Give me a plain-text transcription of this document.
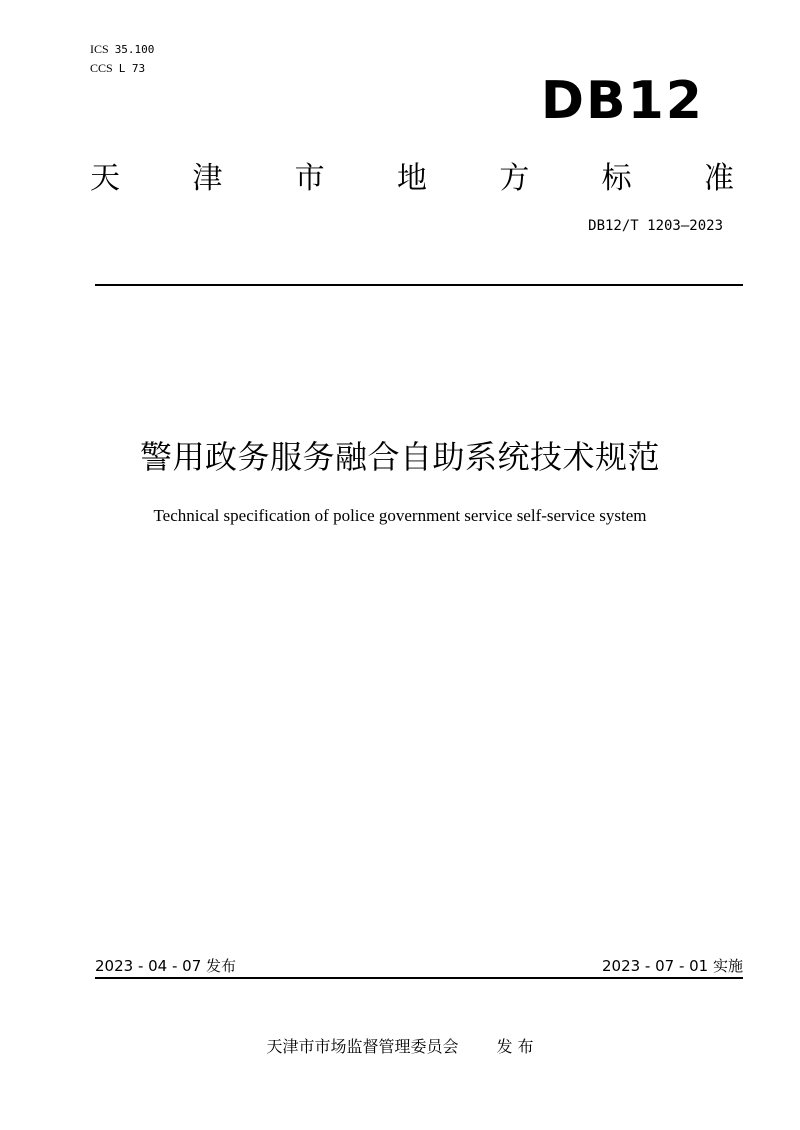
ICS 35.100
CCS L 73
DB12
天 津 市 地 方 标 准
DB12/T 1203—2023
警用政务服务融合自助系统技术规范
Technical specification of police government service self-service system
2023 - 04 - 07 发布	2023 - 07 - 01 实施
天津市市场监督管理委员会 发 布
